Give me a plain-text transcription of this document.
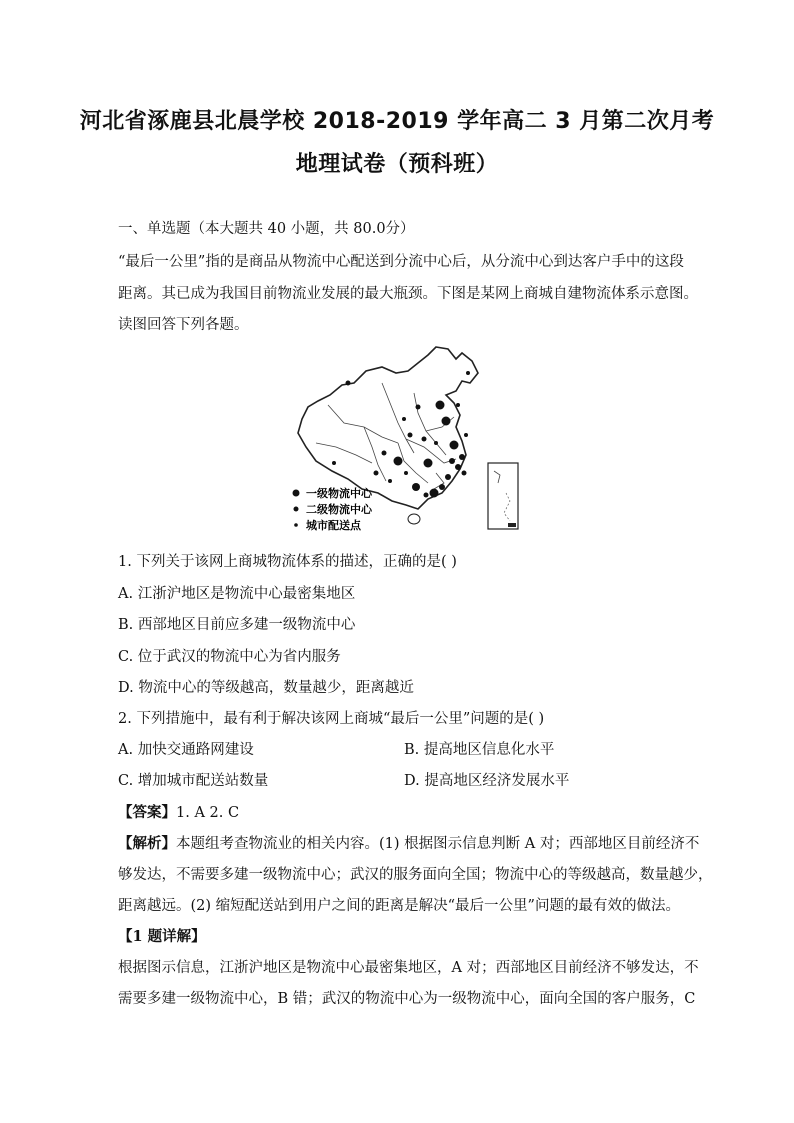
河北省涿鹿县北晨学校 2018-2019 学年高二 3 月第二次月考
地理试卷（预科班）
一、单选题（本大题共 40 小题，共 80.0分）
“最后一公里”指的是商品从物流中心配送到分流中心后，从分流中心到达客户手中的这段
距离。其已成为我国目前物流业发展的最大瓶颈。下图是某网上商城自建物流体系示意图。
读图回答下列各题。
一级物流中心
二级物流中心
城市配送点
1. 下列关于该网上商城物流体系的描述，正确的是( )
A. 江浙沪地区是物流中心最密集地区
B. 西部地区目前应多建一级物流中心
C. 位于武汉的物流中心为省内服务
D. 物流中心的等级越高，数量越少，距离越近
2. 下列措施中，最有利于解决该网上商城“最后一公里”问题的是( )
A. 加快交通路网建设	B. 提高地区信息化水平
C. 增加城市配送站数量	D. 提高地区经济发展水平
【答案】1. A 2. C
【解析】本题组考查物流业的相关内容。(1) 根据图示信息判断 A 对；西部地区目前经济不
够发达，不需要多建一级物流中心；武汉的服务面向全国；物流中心的等级越高，数量越少，
距离越远。(2) 缩短配送站到用户之间的距离是解决“最后一公里”问题的最有效的做法。
【1 题详解】
根据图示信息，江浙沪地区是物流中心最密集地区，A 对；西部地区目前经济不够发达，不
需要多建一级物流中心，B 错；武汉的物流中心为一级物流中心，面向全国的客户服务，C
